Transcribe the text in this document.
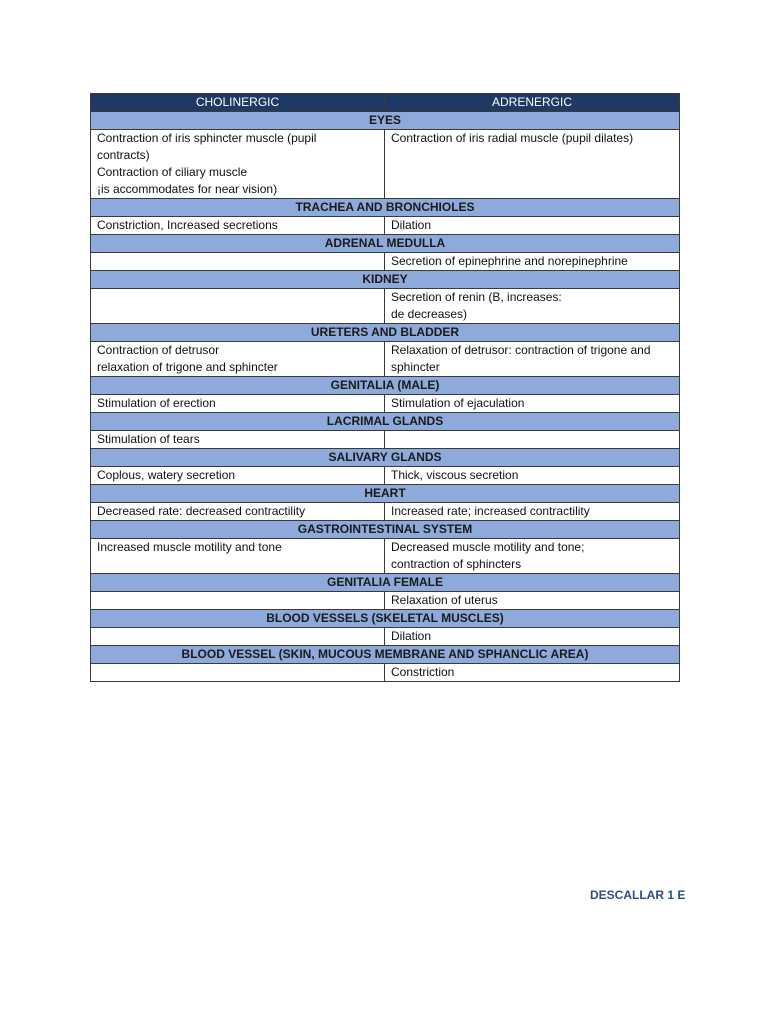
CHOLINERGIC	ADRENERGIC
EYES	

Contraction of iris sphincter muscle (pupil
contracts)
Contraction of ciliary muscle
¡is accommodates for near vision)	Contraction of iris radial muscle (pupil dilates)

TRACHEA AND BRONCHIOLES	

Constriction, Increased secretions	Dilation

ADRENAL MEDULLA	

	Secretion of epinephrine and norepinephrine

KIDNEY	

	Secretion of renin (B, increases:
de decreases)

URETERS AND BLADDER	

Contraction of detrusor
relaxation of trigone and sphincter	Relaxation of detrusor: contraction of trigone and
sphincter

GENITALIA (MALE)	

Stimulation of erection	Stimulation of ejaculation

LACRIMAL GLANDS	

Stimulation of tears	

SALIVARY GLANDS	

Coplous, watery secretion	Thick, viscous secretion

HEART	

Decreased rate: decreased contractility	Increased rate; increased contractility

GASTROINTESTINAL SYSTEM	

Increased muscle motility and tone	Decreased muscle motility and tone;
contraction of sphincters

GENITALIA FEMALE	

	Relaxation of uterus

BLOOD VESSELS (SKELETAL MUSCLES)	

	Dilation

BLOOD VESSEL (SKIN, MUCOUS MEMBRANE AND SPHANCLIC AREA)	

	Constriction
DESCALLAR 1 E
